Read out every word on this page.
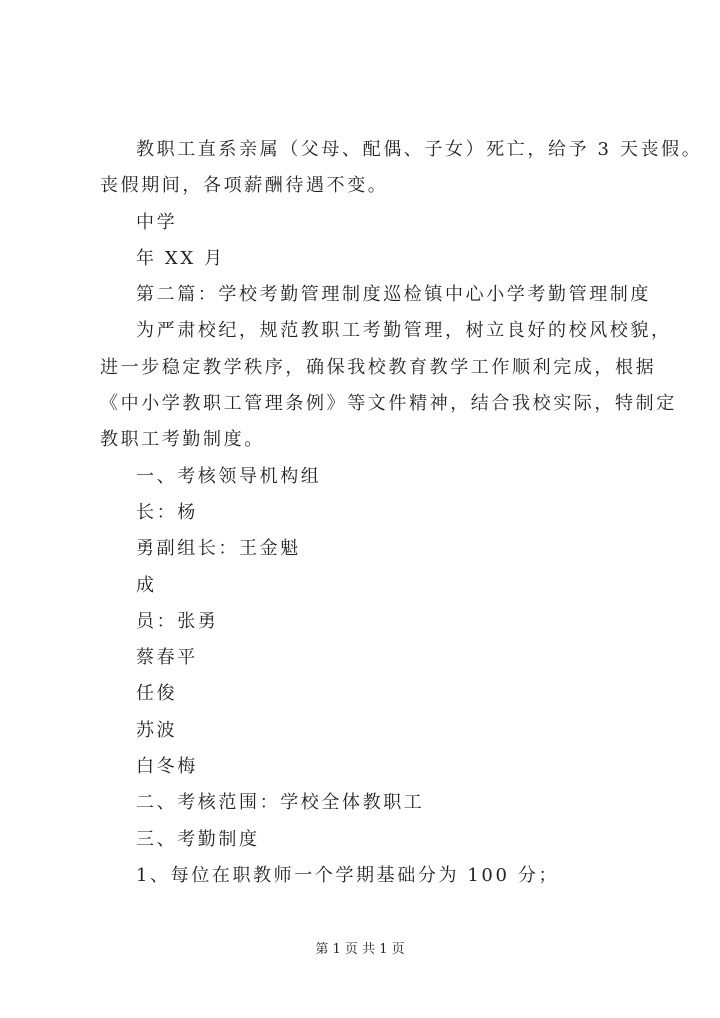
教职工直系亲属（父母、配偶、子女）死亡，给予 3 天丧假。
丧假期间，各项薪酬待遇不变。
中学
年 XX 月
第二篇：学校考勤管理制度巡检镇中心小学考勤管理制度
为严肃校纪，规范教职工考勤管理，树立良好的校风校貌，
进一步稳定教学秩序，确保我校教育教学工作顺利完成，根据
《中小学教职工管理条例》等文件精神，结合我校实际，特制定
教职工考勤制度。
一、考核领导机构组
长：杨
勇副组长：王金魁
成
员：张勇
蔡春平
任俊
苏波
白冬梅
二、考核范围：学校全体教职工
三、考勤制度
1、每位在职教师一个学期基础分为 100 分；
第 1 页 共 1 页
